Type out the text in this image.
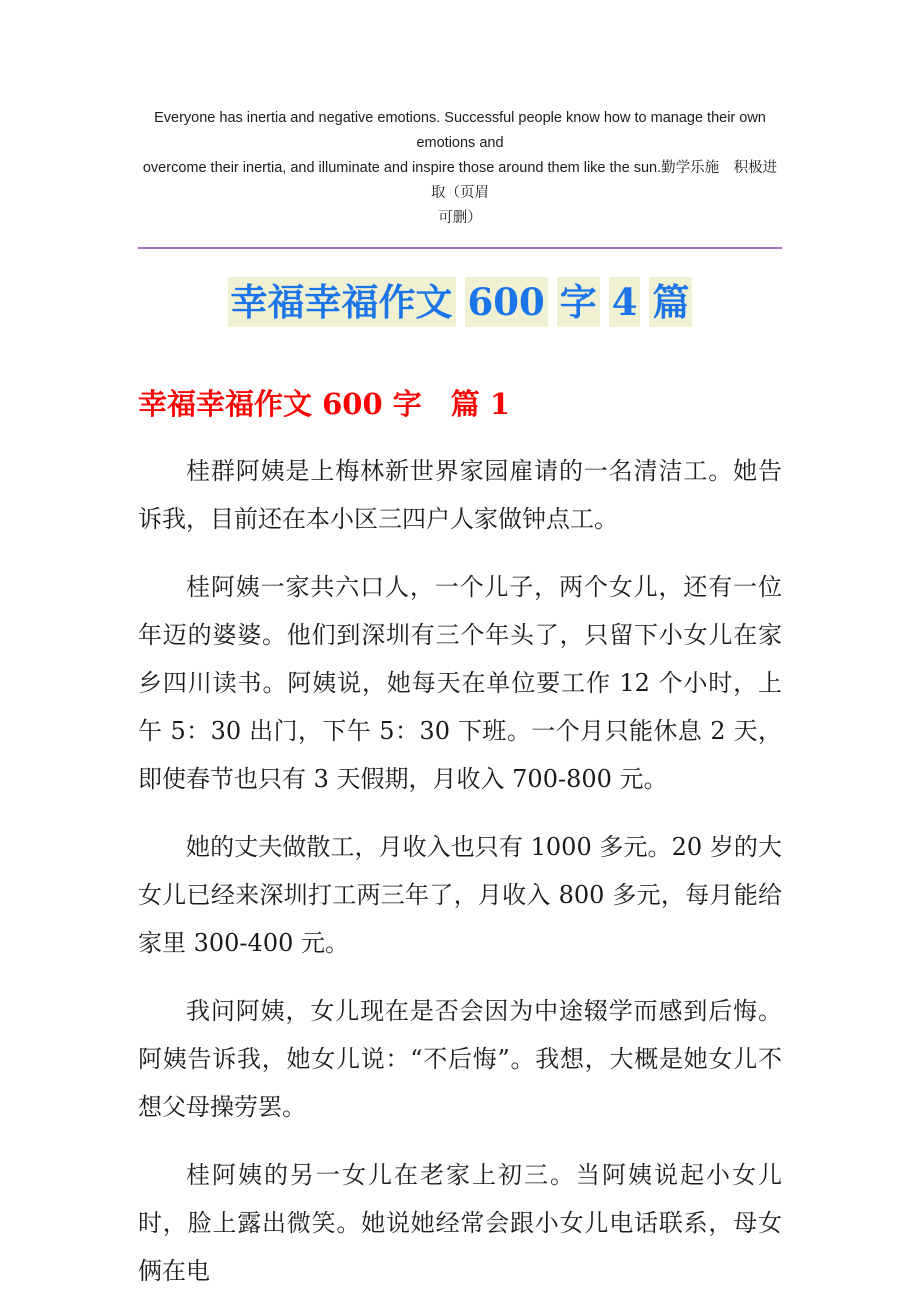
Everyone has inertia and negative emotions. Successful people know how to manage their own emotions and
overcome their inertia, and illuminate and inspire those around them like the sun.勤学乐施　积极进取（页眉
可删）
幸福幸福作文 600 字 4 篇
幸福幸福作文 600 字　篇 1

桂群阿姨是上梅林新世界家园雇请的一名清洁工。她告诉我，目前还在本小区三四户人家做钟点工。

桂阿姨一家共六口人，一个儿子，两个女儿，还有一位年迈的婆婆。他们到深圳有三个年头了，只留下小女儿在家乡四川读书。阿姨说，她每天在单位要工作 12 个小时，上午 5：30 出门，下午 5：30 下班。一个月只能休息 2 天，即使春节也只有 3 天假期，月收入 700-800 元。

她的丈夫做散工，月收入也只有 1000 多元。20 岁的大女儿已经来深圳打工两三年了，月收入 800 多元，每月能给家里 300-400 元。

我问阿姨，女儿现在是否会因为中途辍学而感到后悔。阿姨告诉我，她女儿说：“不后悔”。我想，大概是她女儿不想父母操劳罢。

桂阿姨的另一女儿在老家上初三。当阿姨说起小女儿时，脸上露出微笑。她说她经常会跟小女儿电话联系，母女俩在电
